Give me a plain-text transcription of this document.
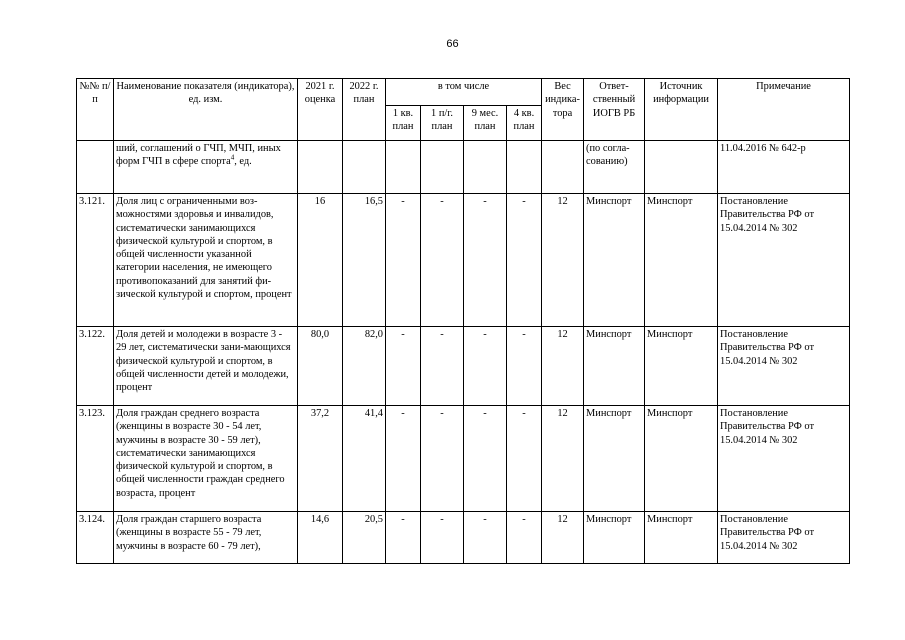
66
№№ п/п	Наименование показателя (индикатора), ед. изм.	2021 г. оценка	2022 г. план	в том числе				Вес индика-тора	Ответ-ственный ИОГВ РБ	Источник информации	Примечание
				1 кв. план	1 п/г. план	9 мес. план	4 кв. план				
	ший, соглашений о ГЧП, МЧП, иных форм ГЧП в сфере спорта$^4$, ед.								(по согла-сованию)		11.04.2016 № 642-р
3.121.	Доля лиц с ограниченными воз-можностями здоровья и инвалидов, систематически занимающихся физической культурой и спортом, в общей численности указанной категории населения, не имеющего противопоказаний для занятий фи-зической культурой и спортом, процент	16	16,5	-	-	-	-	12	Минспорт	Минспорт	Постановление Правительства РФ от 15.04.2014 № 302
3.122.	Доля детей и молодежи в возрасте 3 - 29 лет, систематически зани-мающихся физической культурой и спортом, в общей численности детей и молодежи, процент	80,0	82,0	-	-	-	-	12	Минспорт	Минспорт	Постановление Правительства РФ от 15.04.2014 № 302
3.123.	Доля граждан среднего возраста (женщины в возрасте 30 - 54 лет, мужчины в возрасте 30 - 59 лет), систематически занимающихся физической культурой и спортом, в общей численности граждан среднего возраста, процент	37,2	41,4	-	-	-	-	12	Минспорт	Минспорт	Постановление Правительства РФ от 15.04.2014 № 302
3.124.	Доля граждан старшего возраста (женщины в возрасте 55 - 79 лет, мужчины в возрасте 60 - 79 лет),	14,6	20,5	-	-	-	-	12	Минспорт	Минспорт	Постановление Правительства РФ от 15.04.2014 № 302
